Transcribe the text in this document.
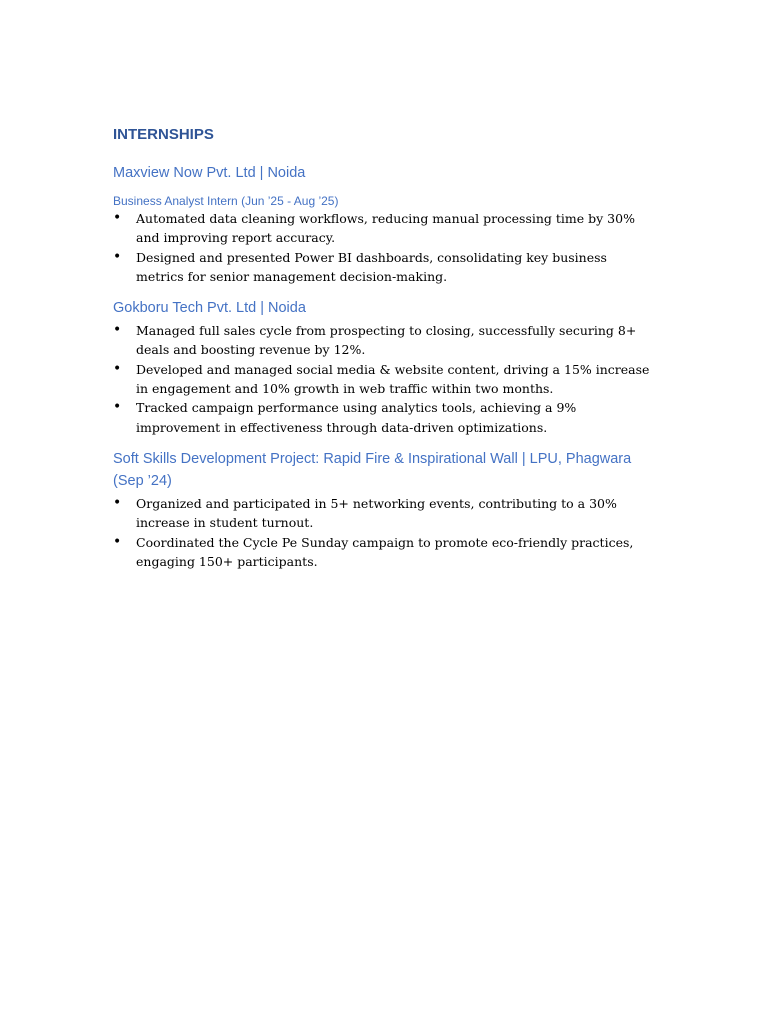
INTERNSHIPS
Maxview Now Pvt. Ltd | Noida
Business Analyst Intern (Jun ’25 - Aug ’25)
• Automated data cleaning workflows, reducing manual processing time by 30% and improving report accuracy.
• Designed and presented Power BI dashboards, consolidating key business metrics for senior management decision-making.
Gokboru Tech Pvt. Ltd | Noida
• Managed full sales cycle from prospecting to closing, successfully securing 8+ deals and boosting revenue by 12%.
• Developed and managed social media & website content, driving a 15% increase in engagement and 10% growth in web traffic within two months.
• Tracked campaign performance using analytics tools, achieving a 9% improvement in effectiveness through data-driven optimizations.
Soft Skills Development Project: Rapid Fire & Inspirational Wall | LPU, Phagwara (Sep ’24)
• Organized and participated in 5+ networking events, contributing to a 30% increase in student turnout.
• Coordinated the Cycle Pe Sunday campaign to promote eco-friendly practices, engaging 150+ participants.
